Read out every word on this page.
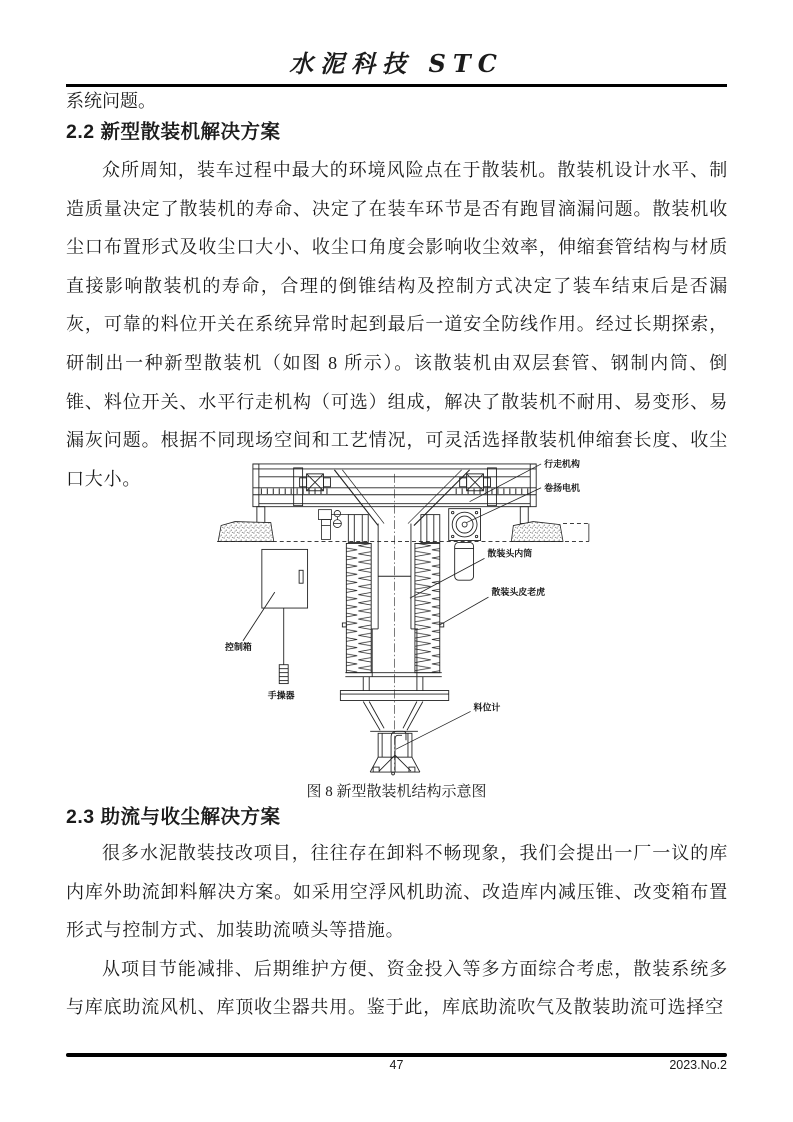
水泥科技 STC
系统问题。
2.2 新型散装机解决方案

众所周知，装车过程中最大的环境风险点在于散装机。散装机设计水平、制造质量决定了散装机的寿命、决定了在装车环节是否有跑冒滴漏问题。散装机收尘口布置形式及收尘口大小、收尘口角度会影响收尘效率，伸缩套管结构与材质直接影响散装机的寿命，合理的倒锥结构及控制方式决定了装车结束后是否漏灰，可靠的料位开关在系统异常时起到最后一道安全防线作用。经过长期探索，研制出一种新型散装机（如图 8 所示）。该散装机由双层套管、钢制内筒、倒锥、料位开关、水平行走机构（可选）组成，解决了散装机不耐用、易变形、易漏灰问题。根据不同现场空间和工艺情况，可灵活选择散装机伸缩套长度、收尘口大小。

行走机构
卷扬电机
散装头内筒
散装头皮老虎
控制箱
手操器
料位计
图 8 新型散装机结构示意图
2.3 助流与收尘解决方案

很多水泥散装技改项目，往往存在卸料不畅现象，我们会提出一厂一议的库内库外助流卸料解决方案。如采用空浮风机助流、改造库内减压锥、改变箱布置形式与控制方式、加装助流喷头等措施。

从项目节能减排、后期维护方便、资金投入等多方面综合考虑，散装系统多与库底助流风机、库顶收尘器共用。鉴于此，库底助流吹气及散装助流可选择空

47	2023.No.2
